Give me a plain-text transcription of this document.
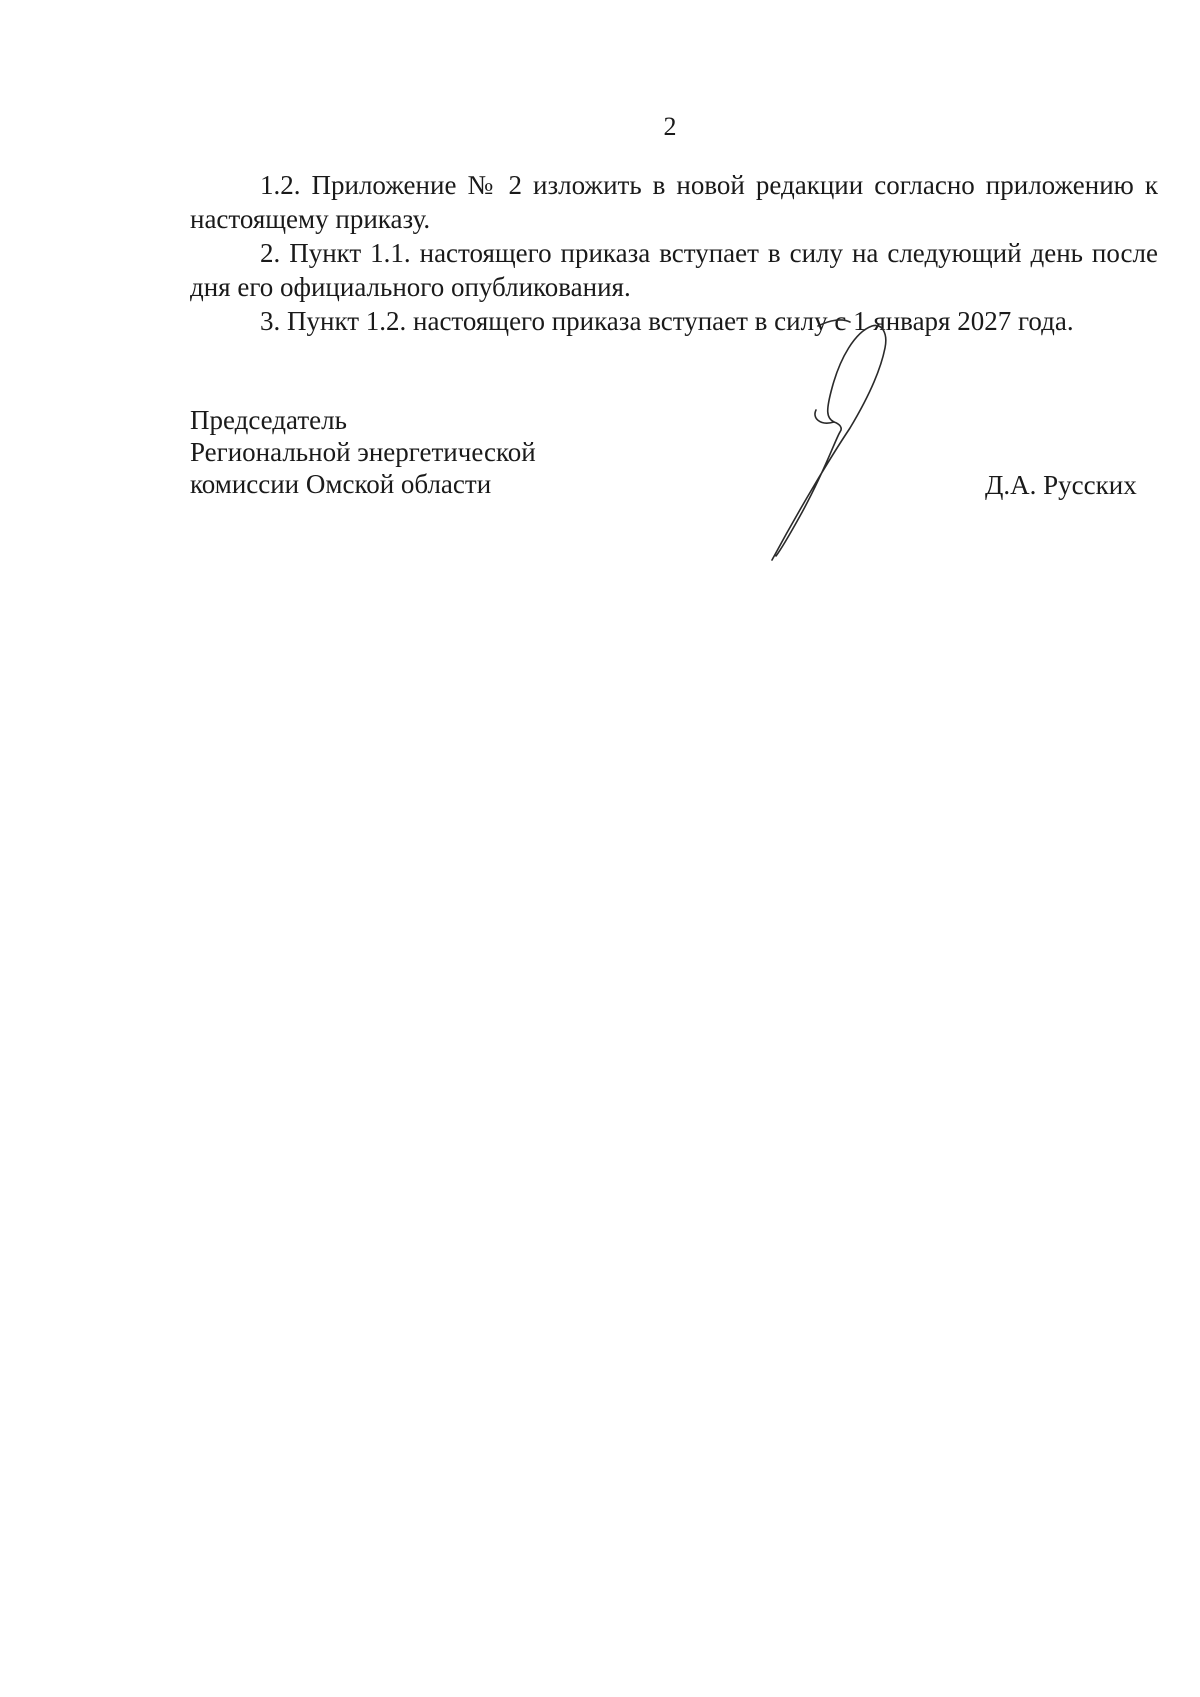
2

1.2. Приложение № 2 изложить в новой редакции согласно приложению к настоящему приказу.

2. Пункт 1.1. настоящего приказа вступает в силу на следующий день после дня его официального опубликования.

3. Пункт 1.2. настоящего приказа вступает в силу с 1 января 2027 года.

Председатель
Региональной энергетической
комиссии Омской области	Д.А. Русских
